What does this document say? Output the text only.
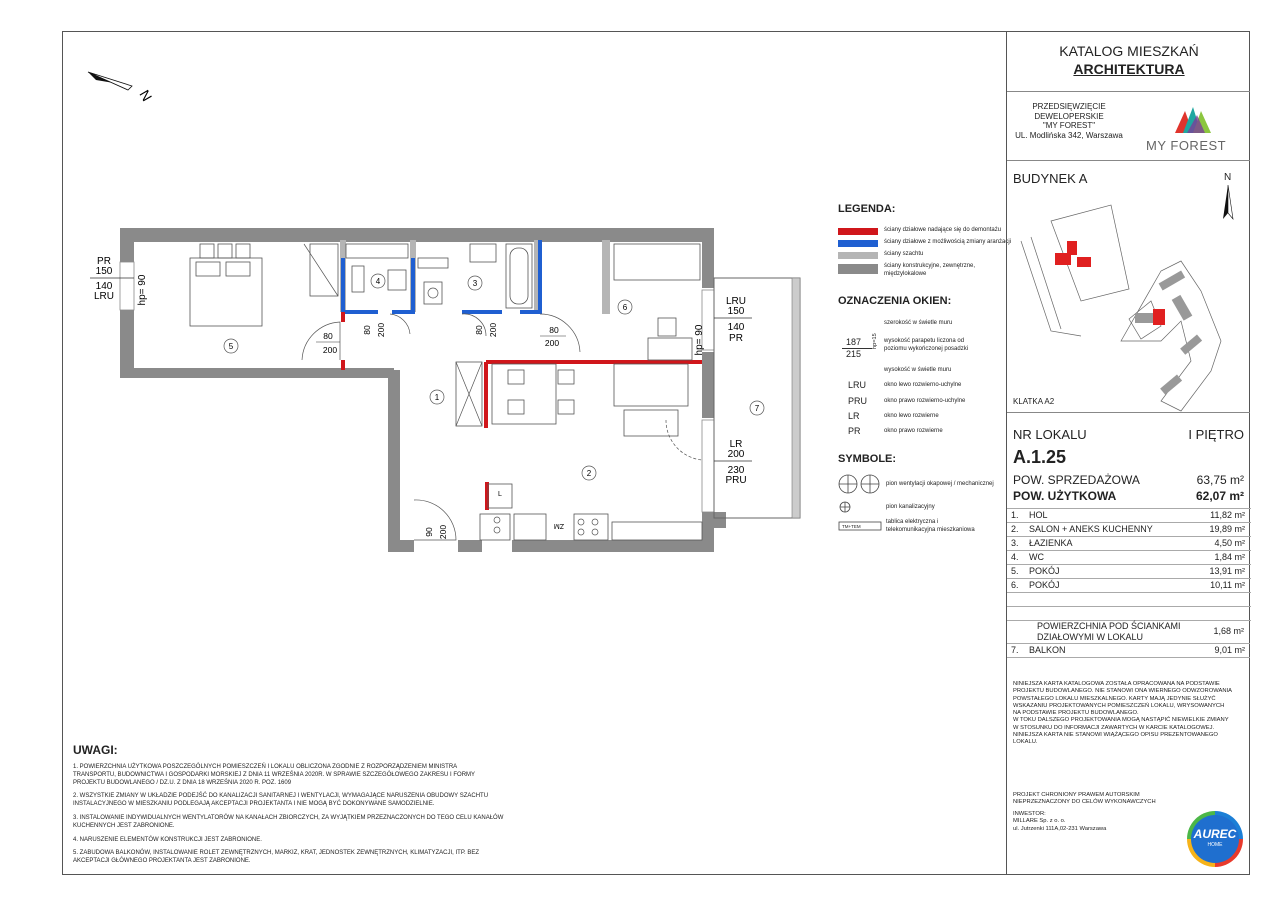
N
1
2
3
4
5
6
7
PR
150
140
LRU hp= 90	LRU
150
140
PR
hp= 90
LR
200
230
PRU
80
200
80 200	80 200	80
200
90 200	ZM
L
LEGENDA:
ściany działowe nadające się do demontażu
ściany działowe z możliwością zmiany aranżacji
ściany szachtu
ściany konstrukcyjne, zewnętrzne,
międzylokalowe
OZNACZENIA OKIEN:
187
215
hp=15
szerokość w świetle muru
wysokość parapetu liczona od
poziomu wykończonej posadzki
wysokość w świetle muru
LRU	okno lewo rozwierno-uchylne
PRU	okno prawo rozwierno-uchylne
LR	okno lewo rozwierne
PR	okno prawo rozwierne
SYMBOLE:
pion wentylacji okapowej / mechanicznej
pion kanalizacyjny
TM+TEM
tablica elektryczna i
telekomunikacyjna mieszkaniowa
UWAGI:
1. POWIERZCHNIA UŻYTKOWA POSZCZEGÓLNYCH POMIESZCZEŃ I LOKALU OBLICZONA ZGODNIE Z ROZPORZĄDZENIEM MINISTRA
TRANSPORTU, BUDOWNICTWA I GOSPODARKI MORSKIEJ Z DNIA 11 WRZEŚNIA 2020R. W SPRAWIE SZCZEGÓŁOWEGO ZAKRESU I FORMY
PROJEKTU BUDOWLANEGO / DZ.U. Z DNIA 18 WRZEŚNIA 2020 R. POZ. 1609
2. WSZYSTKIE ZMIANY W UKŁADZIE PODEJŚĆ DO KANALIZACJI SANITARNEJ I WENTYLACJI, WYMAGAJĄCE NARUSZENIA OBUDOWY SZACHTU
INSTALACYJNEGO W MIESZKANIU PODLEGAJĄ AKCEPTACJI PROJEKTANTA I NIE MOGĄ BYĆ DOKONYWANE SAMODZIELNIE.
3. INSTALOWANIE INDYWIDUALNYCH WENTYLATORÓW NA KANAŁACH ZBIORCZYCH, ZA WYJĄTKIEM PRZEZNACZONYCH DO TEGO CELU KANAŁÓW
KUCHENNYCH JEST ZABRONIONE.
4. NARUSZENIE ELEMENTÓW KONSTRUKCJI JEST ZABRONIONE.
5. ZABUDOWA BALKONÓW, INSTALOWANIE ROLET ZEWNĘTRZNYCH, MARKIZ, KRAT, JEDNOSTEK ZEWNĘTRZNYCH, KLIMATYZACJI, ITP. BEZ
AKCEPTACJI GŁÓWNEGO PROJEKTANTA JEST ZABRONIONE.
KATALOG MIESZKAŃ
ARCHITEKTURA
PRZEDSIĘWZIĘCIE
DEWELOPERSKIE
"MY FOREST"
UL. Modlińska 342, Warszawa
MY FOREST
BUDYNEK A	N
KLATKA A2
NR LOKALU	I PIĘTRO
A.1.25
POW. SPRZEDAŻOWA	63,75 m²
POW. UŻYTKOWA	62,07 m²
1. HOL	11,82 m²
2. SALON + ANEKS KUCHENNY	19,89 m²
3. ŁAZIENKA	4,50 m²
4. WC	1,84 m²
5. POKÓJ	13,91 m²
6. POKÓJ	10,11 m²
POWIERZCHNIA POD ŚCIANKAMI
DZIAŁOWYMI W LOKALU
1,68 m²
7. BALKON	9,01 m²
NINIEJSZA KARTA KATALOGOWA ZOSTAŁA OPRACOWANA NA PODSTAWIE
PROJEKTU BUDOWLANEGO. NIE STANOWI ONA WIERNEGO ODWZOROWANIA
POWSTAŁEGO LOKALU MIESZKALNEGO. KARTY MAJĄ JEDYNIE SŁUŻYĆ
WSKAZANIU PROJEKTOWANYCH POMIESZCZEŃ LOKALU, WRYSOWANYCH
NA PODSTAWIE PROJEKTU BUDOWLANEGO.
W TOKU DALSZEGO PROJEKTOWANIA MOGĄ NASTĄPIĆ NIEWIELKIE ZMIANY
W STOSUNKU DO INFORMACJI ZAWARTYCH W KARCIE KATALOGOWEJ.
NINIEJSZA KARTA NIE STANOWI WIĄŻĄCEGO OPISU PREZENTOWANEGO
LOKALU.
PROJEKT CHRONIONY PRAWEM AUTORSKIM
NIEPRZEZNACZONY DO CELÓW WYKONAWCZYCH
INWESTOR:
MILLARE Sp. z o. o.
ul. Jutrzenki 111A,02-231 Warszawa	AUREC
HOME
